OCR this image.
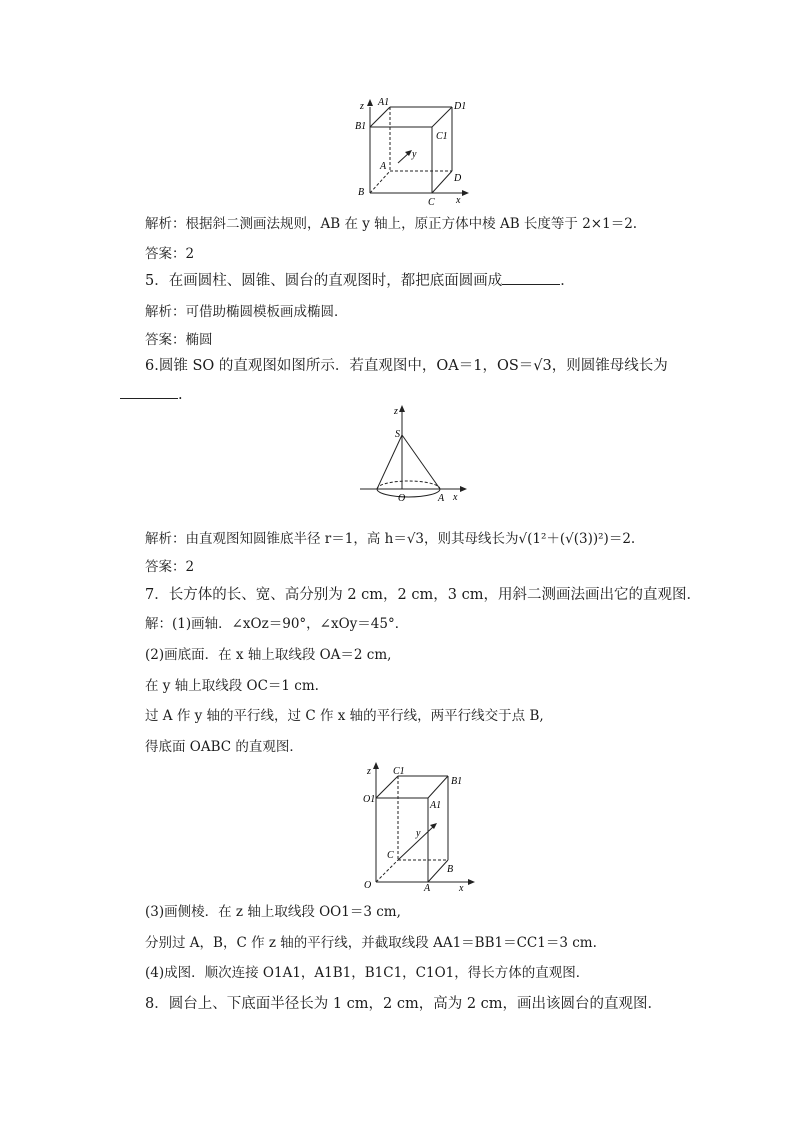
z A1	D1
B1
C1
A
y
D
B
C x
解析：根据斜二测画法规则，AB 在 y 轴上，原正方体中棱 AB 长度等于 2×1＝2.
答案：2
5．在画圆柱、圆锥、圆台的直观图时，都把底面圆画成	．
解析：可借助椭圆模板画成椭圆．
答案：椭圆
6.圆锥 SO 的直观图如图所示．若直观图中，OA＝1，OS＝√3，则圆锥母线长为
.
z
S
O	A x
解析：由直观图知圆锥底半径 r＝1，高 h＝√3，则其母线长为√(1²＋(√(3))²)＝2.
答案：2
7．长方体的长、宽、高分别为 2 cm，2 cm，3 cm，用斜二测画法画出它的直观图．
解：(1)画轴．∠xOz＝90°，∠xOy＝45°．
(2)画底面．在 x 轴上取线段 OA＝2 cm,
在 y 轴上取线段 OC＝1 cm.
过 A 作 y 轴的平行线，过 C 作 x 轴的平行线，两平行线交于点 B,
得底面 OABC 的直观图．
z C1
B1
O1
A1
y
C
B
O	A	x
(3)画侧棱．在 z 轴上取线段 OO1＝3 cm,
分别过 A，B，C 作 z 轴的平行线，并截取线段 AA1＝BB1＝CC1＝3 cm.
(4)成图．顺次连接 O1A1，A1B1，B1C1，C1O1，得长方体的直观图．
8．圆台上、下底面半径长为 1 cm，2 cm，高为 2 cm，画出该圆台的直观图．
